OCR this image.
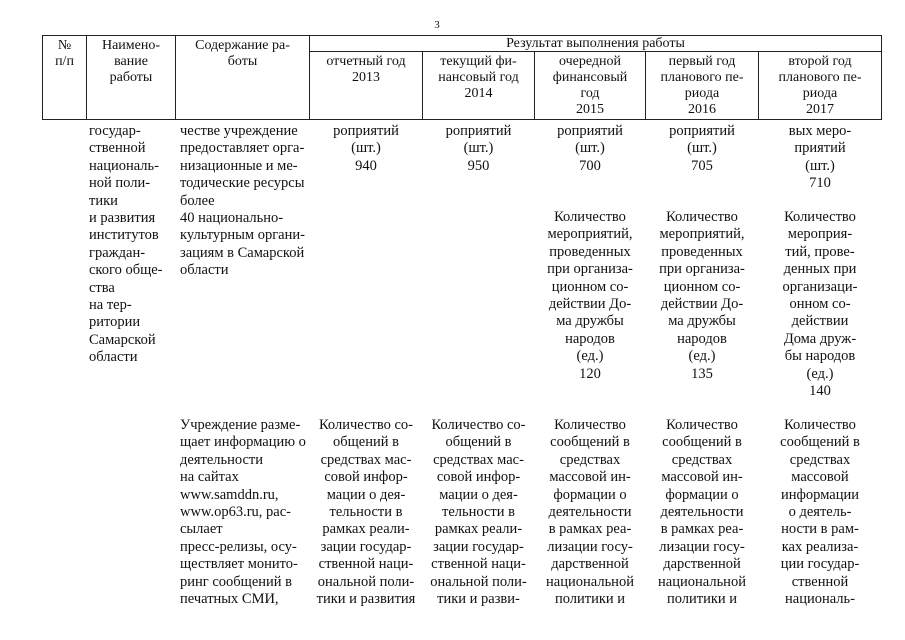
3
№
п/п
Наимено-
вание
работы
Содержание ра-
боты
Результат выполнения работы
отчетный год
2013
текущий фи-
нансовый год
2014
очередной
финансовый
год
2015
первый год
планового пе-
риода
2016
второй год
планового пе-
риода
2017
государ-
ственной
националь-
ной поли-
тики
и развития
институтов
граждан-
ского обще-
ства
на тер-
ритории
Самарской
области
честве учреждение
предоставляет орга-
низационные и ме-
тодические ресурсы
более
40 национально-
культурным органи-
зациям в Самарской
области
Учреждение разме-
щает информацию о
деятельности
на сайтах
www.samddn.ru,
www.op63.ru, рас-
сылает
пресс-релизы, осу-
ществляет монито-
ринг сообщений в
печатных СМИ,
роприятий
(шт.)
940
роприятий
(шт.)
950
роприятий
(шт.)
700
роприятий
(шт.)
705
вых меро-
приятий
(шт.)
710
Количество
мероприятий,
проведенных
при организа-
ционном со-
действии До-
ма дружбы
народов
(ед.)
120
Количество
мероприятий,
проведенных
при организа-
ционном со-
действии До-
ма дружбы
народов
(ед.)
135
Количество
мероприя-
тий, прове-
денных при
организаци-
онном со-
действии
Дома друж-
бы народов
(ед.)
140
Количество со-
общений в
средствах мас-
совой инфор-
мации о дея-
тельности в
рамках реали-
зации государ-
ственной наци-
ональной поли-
тики и развития
Количество со-
общений в
средствах мас-
совой инфор-
мации о дея-
тельности в
рамках реали-
зации государ-
ственной наци-
ональной поли-
тики и разви-
Количество
сообщений в
средствах
массовой ин-
формации о
деятельности
в рамках реа-
лизации госу-
дарственной
национальной
политики и
Количество
сообщений в
средствах
массовой ин-
формации о
деятельности
в рамках реа-
лизации госу-
дарственной
национальной
политики и
Количество
сообщений в
средствах
массовой
информации
о деятель-
ности в рам-
ках реализа-
ции государ-
ственной
националь-
